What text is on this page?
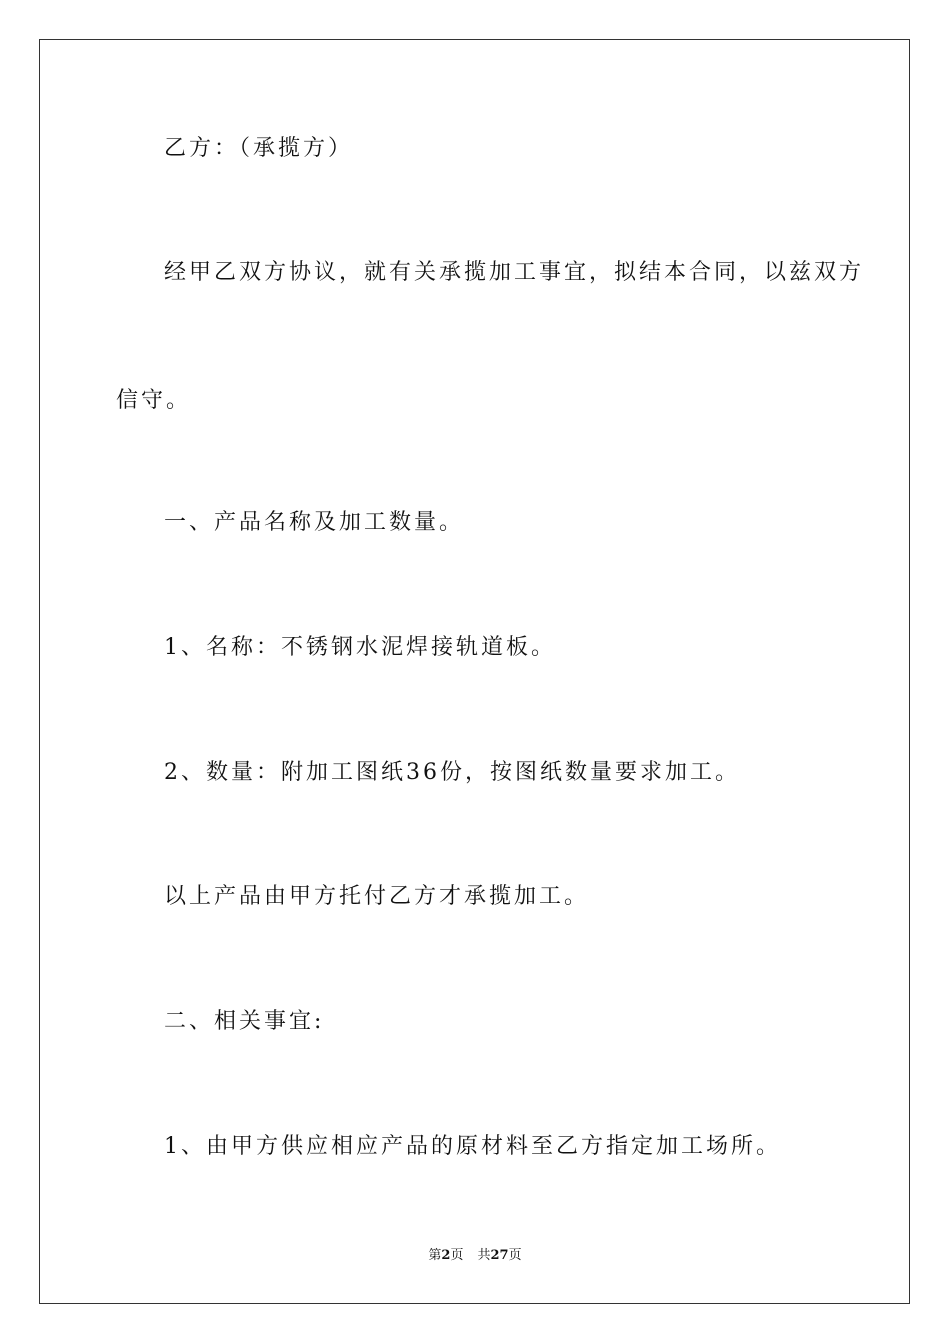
乙方：（承揽方）
经甲乙双方协议，就有关承揽加工事宜，拟结本合同，以兹双方
信守。
一、产品名称及加工数量。
1、名称：不锈钢水泥焊接轨道板。
2、数量：附加工图纸36份，按图纸数量要求加工。
以上产品由甲方托付乙方才承揽加工。
二、相关事宜:
1、由甲方供应相应产品的原材料至乙方指定加工场所。
第2页 共27页
